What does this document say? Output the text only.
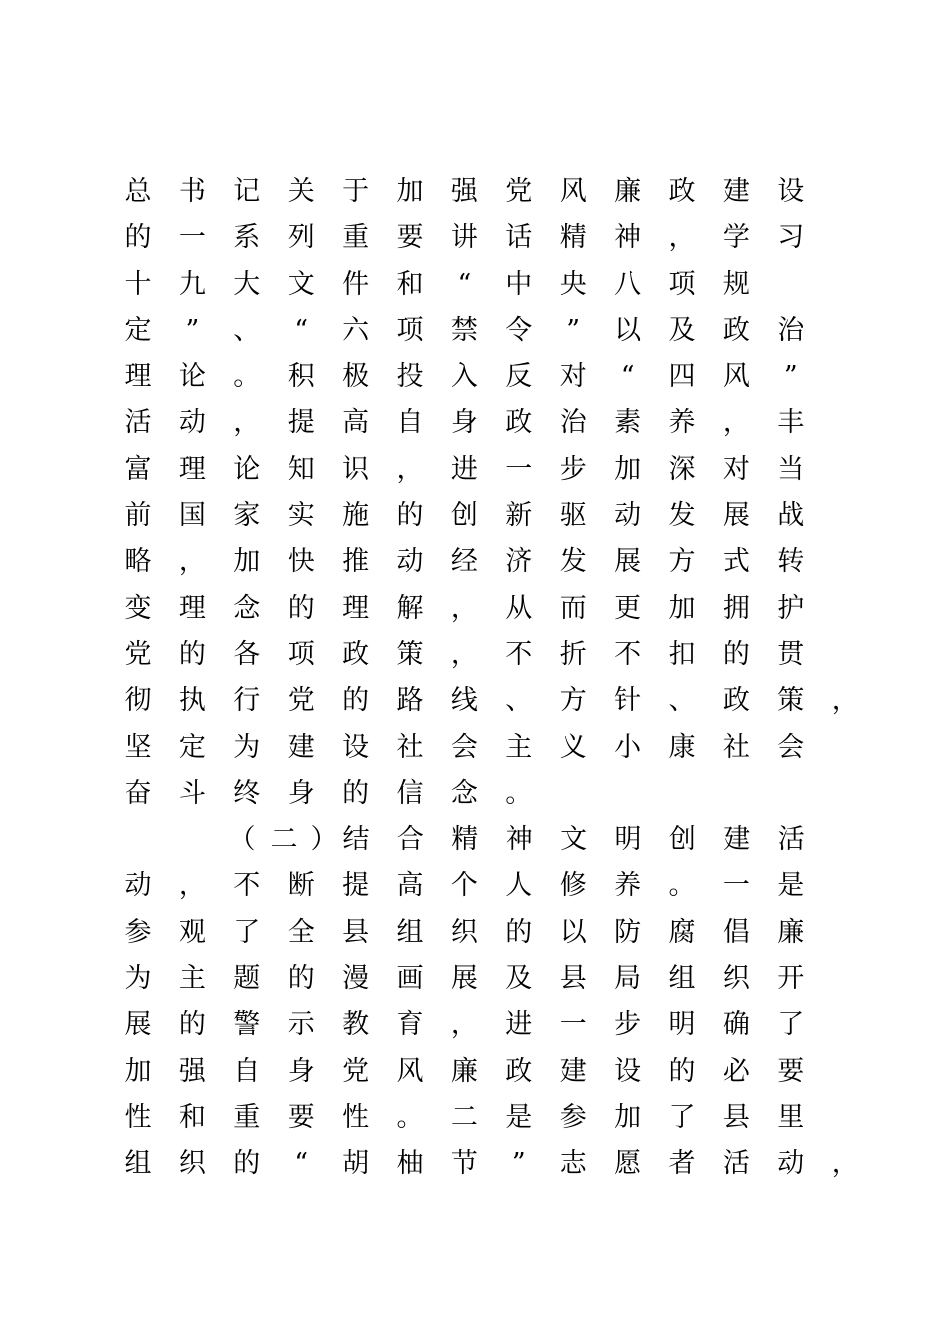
总 书 记 关 于 加 强 党 风 廉 政 建 设
的 一 系 列 重 要 讲 话 精 神 ， 学 习
十 九 大 文 件 和 “ 中 央 八 项 规
定 ” 、 “ 六 项 禁 令 ” 以 及 政 治
理 论 。 积 极 投 入 反 对 “ 四 风 ”
活 动 ， 提 高 自 身 政 治 素 养 ， 丰
富 理 论 知 识 ， 进 一 步 加 深 对 当
前 国 家 实 施 的 创 新 驱 动 发 展 战
略 ， 加 快 推 动 经 济 发 展 方 式 转
变 理 念 的 理 解 ， 从 而 更 加 拥 护
党 的 各 项 政 策 ， 不 折 不 扣 的 贯
彻 执 行 党 的 路 线 、 方 针 、 政 策 ，
坚 定 为 建 设 社 会 主 义 小 康 社 会
奋 斗 终 身 的 信 念 。
（ 二 ） 结 合 精 神 文 明 创 建 活
动 ， 不 断 提 高 个 人 修 养 。 一 是
参 观 了 全 县 组 织 的 以 防 腐 倡 廉
为 主 题 的 漫 画 展 及 县 局 组 织 开
展 的 警 示 教 育 ， 进 一 步 明 确 了
加 强 自 身 党 风 廉 政 建 设 的 必 要
性 和 重 要 性 。 二 是 参 加 了 县 里
组 织 的 “ 胡 柚 节 ” 志 愿 者 活 动 ，
